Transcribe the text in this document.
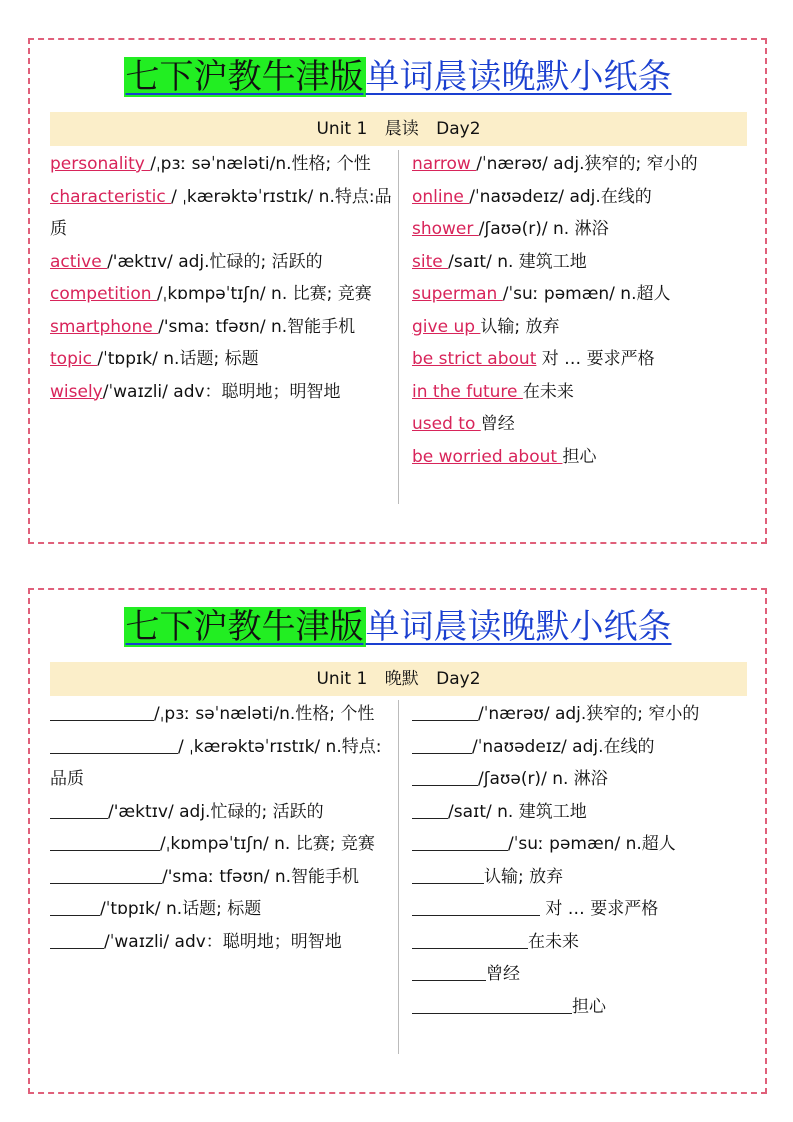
七下沪教牛津版单词晨读晚默小纸条
Unit 1 晨读 Day2
personality /ˌpɜː səˈnæləti/n.性格; 个性
characteristic / ˌkærəktəˈrɪstɪk/ n.特点:品质
active /'æktɪv/ adj.忙碌的; 活跃的
competition /ˌkɒmpəˈtɪʃn/ n. 比赛; 竞赛
smartphone /'smaː tfəʊn/ n.智能手机
topic /ˈtɒpɪk/ n.话题; 标题
wisely/ˈwaɪzli/ adv：聪明地；明智地
narrow /ˈnærəʊ/ adj.狭窄的; 窄小的
online /ˈnaʊədeɪz/ adj.在线的
shower /ʃaʊə(r)/ n. 淋浴
site /saɪt/ n. 建筑工地
superman /ˈsuː pəmæn/ n.超人
give up 认输; 放弃
be strict about 对 … 要求严格
in the future 在未来
used to 曾经
be worried about 担心
七下沪教牛津版单词晨读晚默小纸条
Unit 1 晚默 Day2
/ˌpɜː səˈnæləti/n.性格; 个性
/ ˌkærəktəˈrɪstɪk/ n.特点:品质
/'æktɪv/ adj.忙碌的; 活跃的
/ˌkɒmpəˈtɪʃn/ n. 比赛; 竞赛
/'smaː tfəʊn/ n.智能手机
/ˈtɒpɪk/ n.话题; 标题
/ˈwaɪzli/ adv：聪明地；明智地
/ˈnærəʊ/ adj.狭窄的; 窄小的
/ˈnaʊədeɪz/ adj.在线的
/ʃaʊə(r)/ n. 淋浴
/saɪt/ n. 建筑工地
/ˈsuː pəmæn/ n.超人
认输; 放弃
对 … 要求严格
在未来
曾经
担心
